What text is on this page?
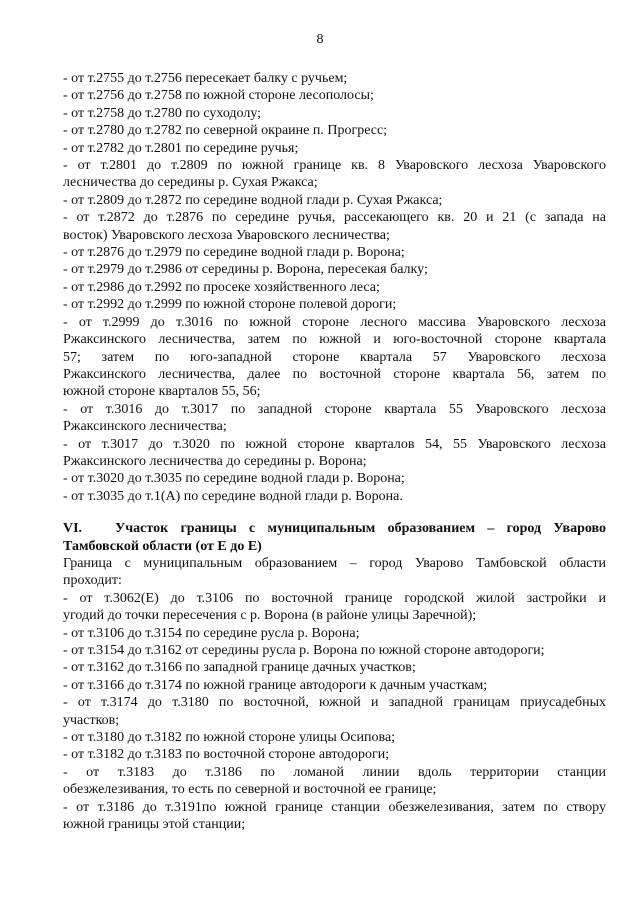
8

- от т.2755 до т.2756 пересекает балку с ручьем;

- от т.2756 до т.2758 по южной стороне лесополосы;

- от т.2758 до т.2780 по суходолу;

- от т.2780 до т.2782 по северной окраине п. Прогресс;

- от т.2782 до т.2801 по середине ручья;

- от т.2801 до т.2809 по южной границе кв. 8 Уваровского лесхоза Уваровского

лесничества до середины р. Сухая Ржакса;

- от т.2809 до т.2872 по середине водной глади р. Сухая Ржакса;

- от т.2872 до т.2876 по середине ручья, рассекающего кв. 20 и 21 (с запада на

восток) Уваровского лесхоза Уваровского лесничества;

- от т.2876 до т.2979 по середине водной глади р. Ворона;

- от т.2979 до т.2986 от середины р. Ворона, пересекая балку;

- от т.2986 до т.2992 по просеке хозяйственного леса;

- от т.2992 до т.2999 по южной стороне полевой дороги;

- от т.2999 до т.3016 по южной стороне лесного массива Уваровского лесхоза

Ржаксинского лесничества, затем по южной и юго-восточной стороне квартала

57; затем по юго-западной стороне квартала 57 Уваровского лесхоза

Ржаксинского лесничества, далее по восточной стороне квартала 56, затем по

южной стороне кварталов 55, 56;

- от т.3016 до т.3017 по западной стороне квартала 55 Уваровского лесхоза

Ржаксинского лесничества;

- от т.3017 до т.3020 по южной стороне кварталов 54, 55 Уваровского лесхоза

Ржаксинского лесничества до середины р. Ворона;

- от т.3020 до т.3035 по середине водной глади р. Ворона;

- от т.3035 до т.1(А) по середине водной глади р. Ворона.

VI. Участок границы с муниципальным образованием – город Уварово
Тамбовской области (от Е до Е)

Граница с муниципальным образованием – город Уварово Тамбовской области

проходит:

- от т.3062(Е) до т.3106 по восточной границе городской жилой застройки и

угодий до точки пересечения с р. Ворона (в районе улицы Заречной);

- от т.3106 до т.3154 по середине русла р. Ворона;

- от т.3154 до т.3162 от середины русла р. Ворона по южной стороне автодороги;

- от т.3162 до т.3166 по западной границе дачных участков;

- от т.3166 до т.3174 по южной границе автодороги к дачным участкам;

- от т.3174 до т.3180 по восточной, южной и западной границам приусадебных

участков;

- от т.3180 до т.3182 по южной стороне улицы Осипова;

- от т.3182 до т.3183 по восточной стороне автодороги;

- от т.3183 до т.3186 по ломаной линии вдоль территории станции

обезжелезивания, то есть по северной и восточной ее границе;

- от т.3186 до т.3191по южной границе станции обезжелезивания, затем по створу

южной границы этой станции;
